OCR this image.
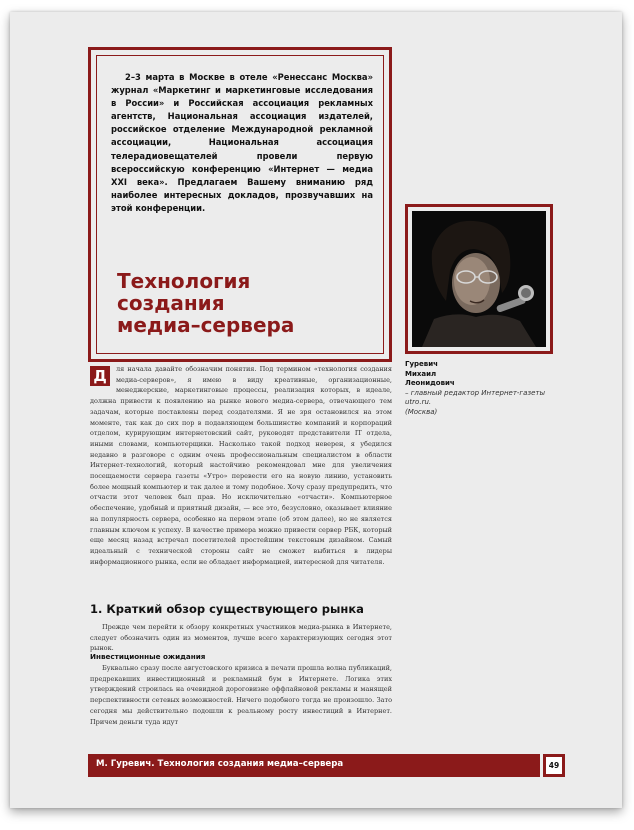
2–3 марта в Москве в отеле «Ренессанс Москва» журнал «Маркетинг и маркетинговые исследования в России» и Российская ассоциация рекламных агентств, Национальная ассоциация издателей, российское отделение Международной рекламной ассоциации, Национальная ассоциация телерадиовещателей провели первую всероссийскую конференцию «Интернет — медиа XXI века». Предлагаем Вашему вниманию ряд наиболее интересных докладов, прозвучавших на этой конференции.

Технология
создания
медиа–сервера
Гуревич
Михаил
Леонидович
– главный редактор Интернет-газеты utro.ru.
(Москва)
Д	ля начала давайте обозначим понятия. Под термином «технология создания медиа-серверов», я имею в виду креативные, организационные, менеджерские, маркетинговые процессы, реализация которых, в идеале, должна привести к появлению на рынке нового медиа-сервера, отвечающего тем задачам, которые поставлены перед создателями. Я не зря остановился на этом моменте, так как до сих пор в подавляющем большинстве компаний и корпораций отделом, курирующим интернетовский сайт, руководят представители IT отдела, иными словами, компьютерщики. Насколько такой подход неверен, я убедился недавно в разговоре с одним очень профессиональным специалистом в области Интернет-технологий, который настойчиво рекомендовал мне для увеличения посещаемости сервера газеты «Утро» перевести его на новую линию, установить более мощный компьютер и так далее и тому подобное. Хочу сразу предупредить, что отчасти этот человек был прав. Но исключительно «отчасти». Компьютерное обеспечение, удобный и приятный дизайн, — все это, безусловно, оказывает влияние на популярность сервера, особенно на первом этапе (об этом далее), но не является главным ключом к успеху. В качестве примера можно привести сервер РБК, который еще месяц назад встречал посетителей простейшим текстовым дизайном. Самый идеальный с технической стороны сайт не сможет выбиться в лидеры информационного рынка, если не обладает информацией, интересной для читателя.

1. Краткий обзор существующего рынка

Прежде чем перейти к обзору конкретных участников медиа-рынка в Интернете, следует обозначить один из моментов, лучше всего характеризующих сегодня этот рынок.

Инвестиционные ожидания

Буквально сразу после августовского кризиса в печати прошла волна публикаций, предрекавших инвестиционный и рекламный бум в Интернете. Логика этих утверждений строилась на очевидной дороговизне оффлайновой рекламы и манящей перспективности сетевых возможностей. Ничего подобного тогда не произошло. Зато сегодня мы действительно подошли к реальному росту инвестиций в Интернет. Причем деньги туда идут

М. Гуревич. Технология создания медиа–сервера	49
